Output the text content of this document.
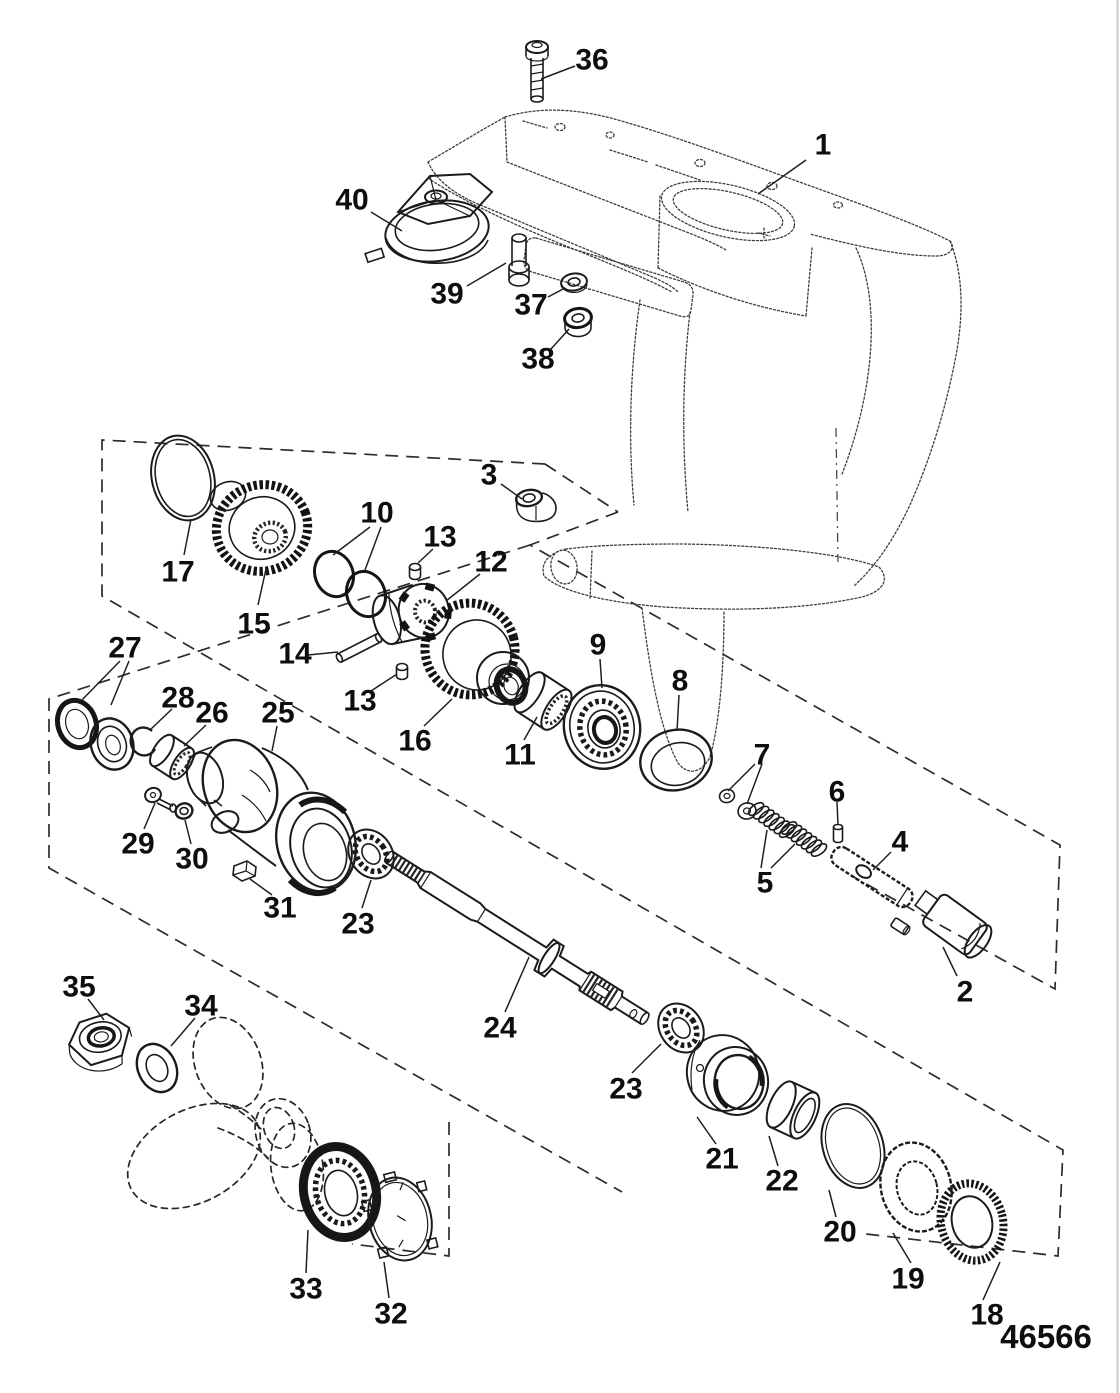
36
1
40
39 37
38
3
17
10
13
12
15
14
13
16
27
28 26 25
11
9
8
7
6
4
5
29 30
31 23
24
2
35
34
23
21
22
20
19
33
32	18
46566
